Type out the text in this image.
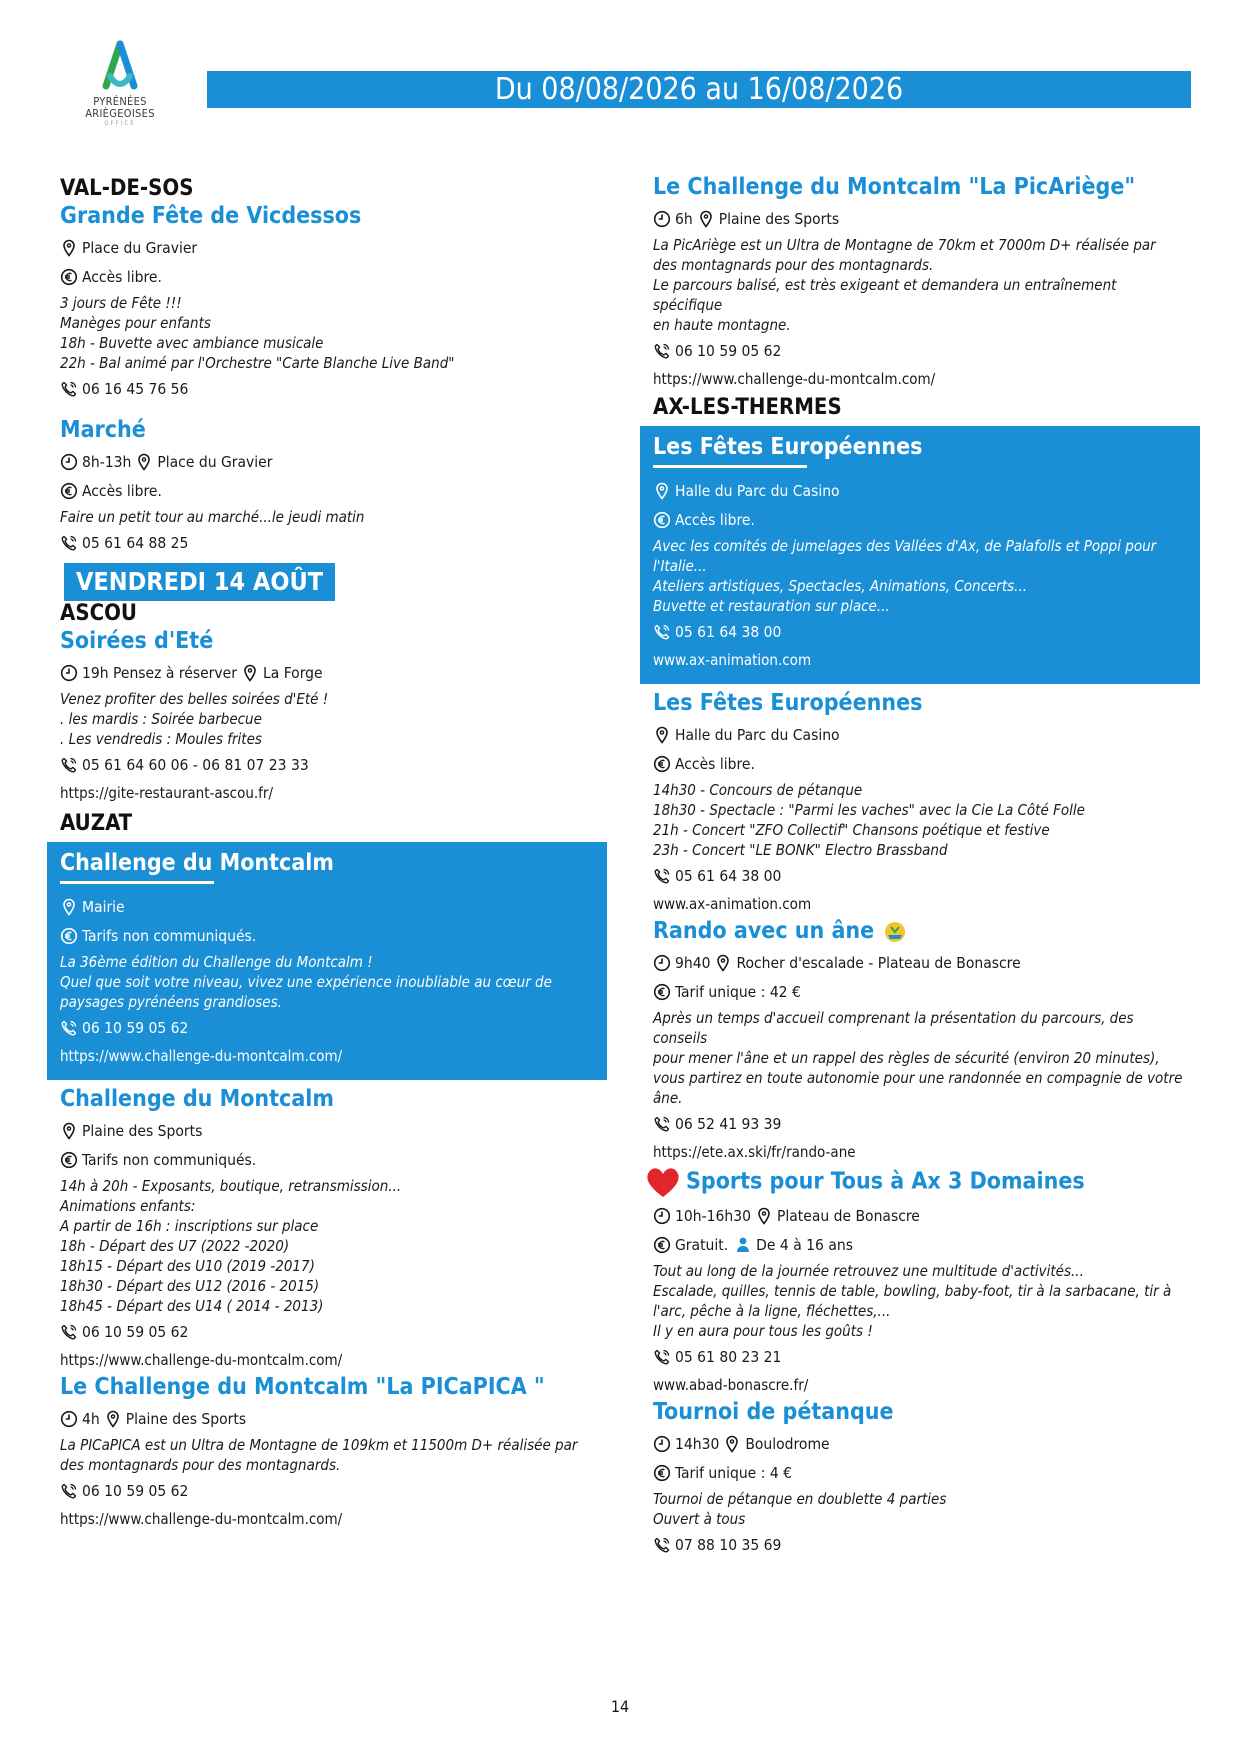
PYRÉNÉES
ARIÈGEOISES
OFFICE
Du 08/08/2026 au 16/08/2026
VAL-DE-SOS
Grande Fête de Vicdessos
Place du Gravier
Accès libre.
3 jours de Fête !!!
Manèges pour enfants
18h - Buvette avec ambiance musicale
22h - Bal animé par l'Orchestre "Carte Blanche Live Band"
06 16 45 76 56
Marché
8h-13h Place du Gravier
Accès libre.
Faire un petit tour au marché...le jeudi matin
05 61 64 88 25
VENDREDI 14 AOÛT
ASCOU
Soirées d'Eté
19h Pensez à réserver La Forge
Venez profiter des belles soirées d'Eté !
. les mardis : Soirée barbecue
. Les vendredis : Moules frites
05 61 64 60 06 - 06 81 07 23 33
https://gite-restaurant-ascou.fr/
AUZAT
Challenge du Montcalm
Mairie
Tarifs non communiqués.
La 36ème édition du Challenge du Montcalm !
Quel que soit votre niveau, vivez une expérience inoubliable au cœur de
paysages pyrénéens grandioses.
06 10 59 05 62
https://www.challenge-du-montcalm.com/
Challenge du Montcalm
Plaine des Sports
Tarifs non communiqués.
14h à 20h - Exposants, boutique, retransmission...
Animations enfants:
A partir de 16h : inscriptions sur place
18h - Départ des U7 (2022 -2020)
18h15 - Départ des U10 (2019 -2017)
18h30 - Départ des U12 (2016 - 2015)
18h45 - Départ des U14 ( 2014 - 2013)
06 10 59 05 62
https://www.challenge-du-montcalm.com/
Le Challenge du Montcalm "La PICaPICA "
4h Plaine des Sports
La PICaPICA est un Ultra de Montagne de 109km et 11500m D+ réalisée par
des montagnards pour des montagnards.
06 10 59 05 62
https://www.challenge-du-montcalm.com/
Le Challenge du Montcalm "La PicAriège"
6h Plaine des Sports
La PicAriège est un Ultra de Montagne de 70km et 7000m D+ réalisée par
des montagnards pour des montagnards.
Le parcours balisé, est très exigeant et demandera un entraînement spécifique
en haute montagne.
06 10 59 05 62
https://www.challenge-du-montcalm.com/
AX-LES-THERMES
Les Fêtes Européennes
Halle du Parc du Casino
Accès libre.
Avec les comités de jumelages des Vallées d'Ax, de Palafolls et Poppi pour
l'Italie...
Ateliers artistiques, Spectacles, Animations, Concerts...
Buvette et restauration sur place...
05 61 64 38 00
www.ax-animation.com
Les Fêtes Européennes
Halle du Parc du Casino
Accès libre.
14h30 - Concours de pétanque
18h30 - Spectacle : "Parmi les vaches" avec la Cie La Côté Folle
21h - Concert "ZFO Collectif" Chansons poétique et festive
23h - Concert "LE BONK" Electro Brassband
05 61 64 38 00
www.ax-animation.com
Rando avec un âne
9h40 Rocher d'escalade - Plateau de Bonascre
Tarif unique : 42 €
Après un temps d'accueil comprenant la présentation du parcours, des conseils
pour mener l'âne et un rappel des règles de sécurité (environ 20 minutes),
vous partirez en toute autonomie pour une randonnée en compagnie de votre
âne.
06 52 41 93 39
https://ete.ax.ski/fr/rando-ane
Sports pour Tous à Ax 3 Domaines
10h-16h30 Plateau de Bonascre
Gratuit. De 4 à 16 ans
Tout au long de la journée retrouvez une multitude d'activités...
Escalade, quilles, tennis de table, bowling, baby-foot, tir à la sarbacane, tir à
l'arc, pêche à la ligne, fléchettes,...
Il y en aura pour tous les goûts !
05 61 80 23 21
www.abad-bonascre.fr/
Tournoi de pétanque
14h30 Boulodrome
Tarif unique : 4 €
Tournoi de pétanque en doublette 4 parties
Ouvert à tous
07 88 10 35 69
14
